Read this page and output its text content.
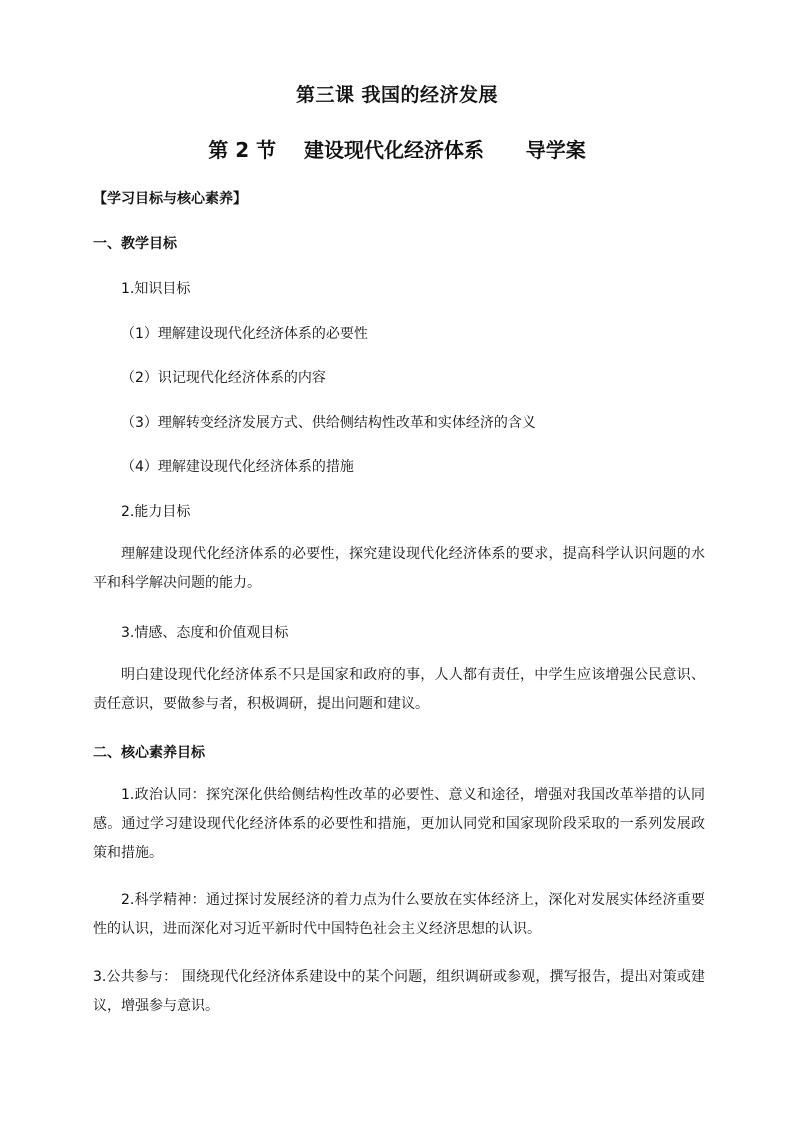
第三课 我国的经济发展
第 2 节    建设现代化经济体系      导学案
【学习目标与核心素养】
一、教学目标
1.知识目标
（1）理解建设现代化经济体系的必要性
（2）识记现代化经济体系的内容
（3）理解转变经济发展方式、供给侧结构性改革和实体经济的含义
（4）理解建设现代化经济体系的措施
2.能力目标
理解建设现代化经济体系的必要性，探究建设现代化经济体系的要求，提高科学认识问题的水平和科学解决问题的能力。
3.情感、态度和价值观目标
明白建设现代化经济体系不只是国家和政府的事，人人都有责任，中学生应该增强公民意识、责任意识，要做参与者，积极调研，提出问题和建议。
二、核心素养目标
1.政治认同：探究深化供给侧结构性改革的必要性、意义和途径，增强对我国改革举措的认同感。通过学习建设现代化经济体系的必要性和措施，更加认同党和国家现阶段采取的一系列发展政策和措施。
2.科学精神：通过探讨发展经济的着力点为什么要放在实体经济上，深化对发展实体经济重要性的认识，进而深化对习近平新时代中国特色社会主义经济思想的认识。
3.公共参与： 围绕现代化经济体系建设中的某个问题，组织调研或参观，撰写报告，提出对策或建议，增强参与意识。
